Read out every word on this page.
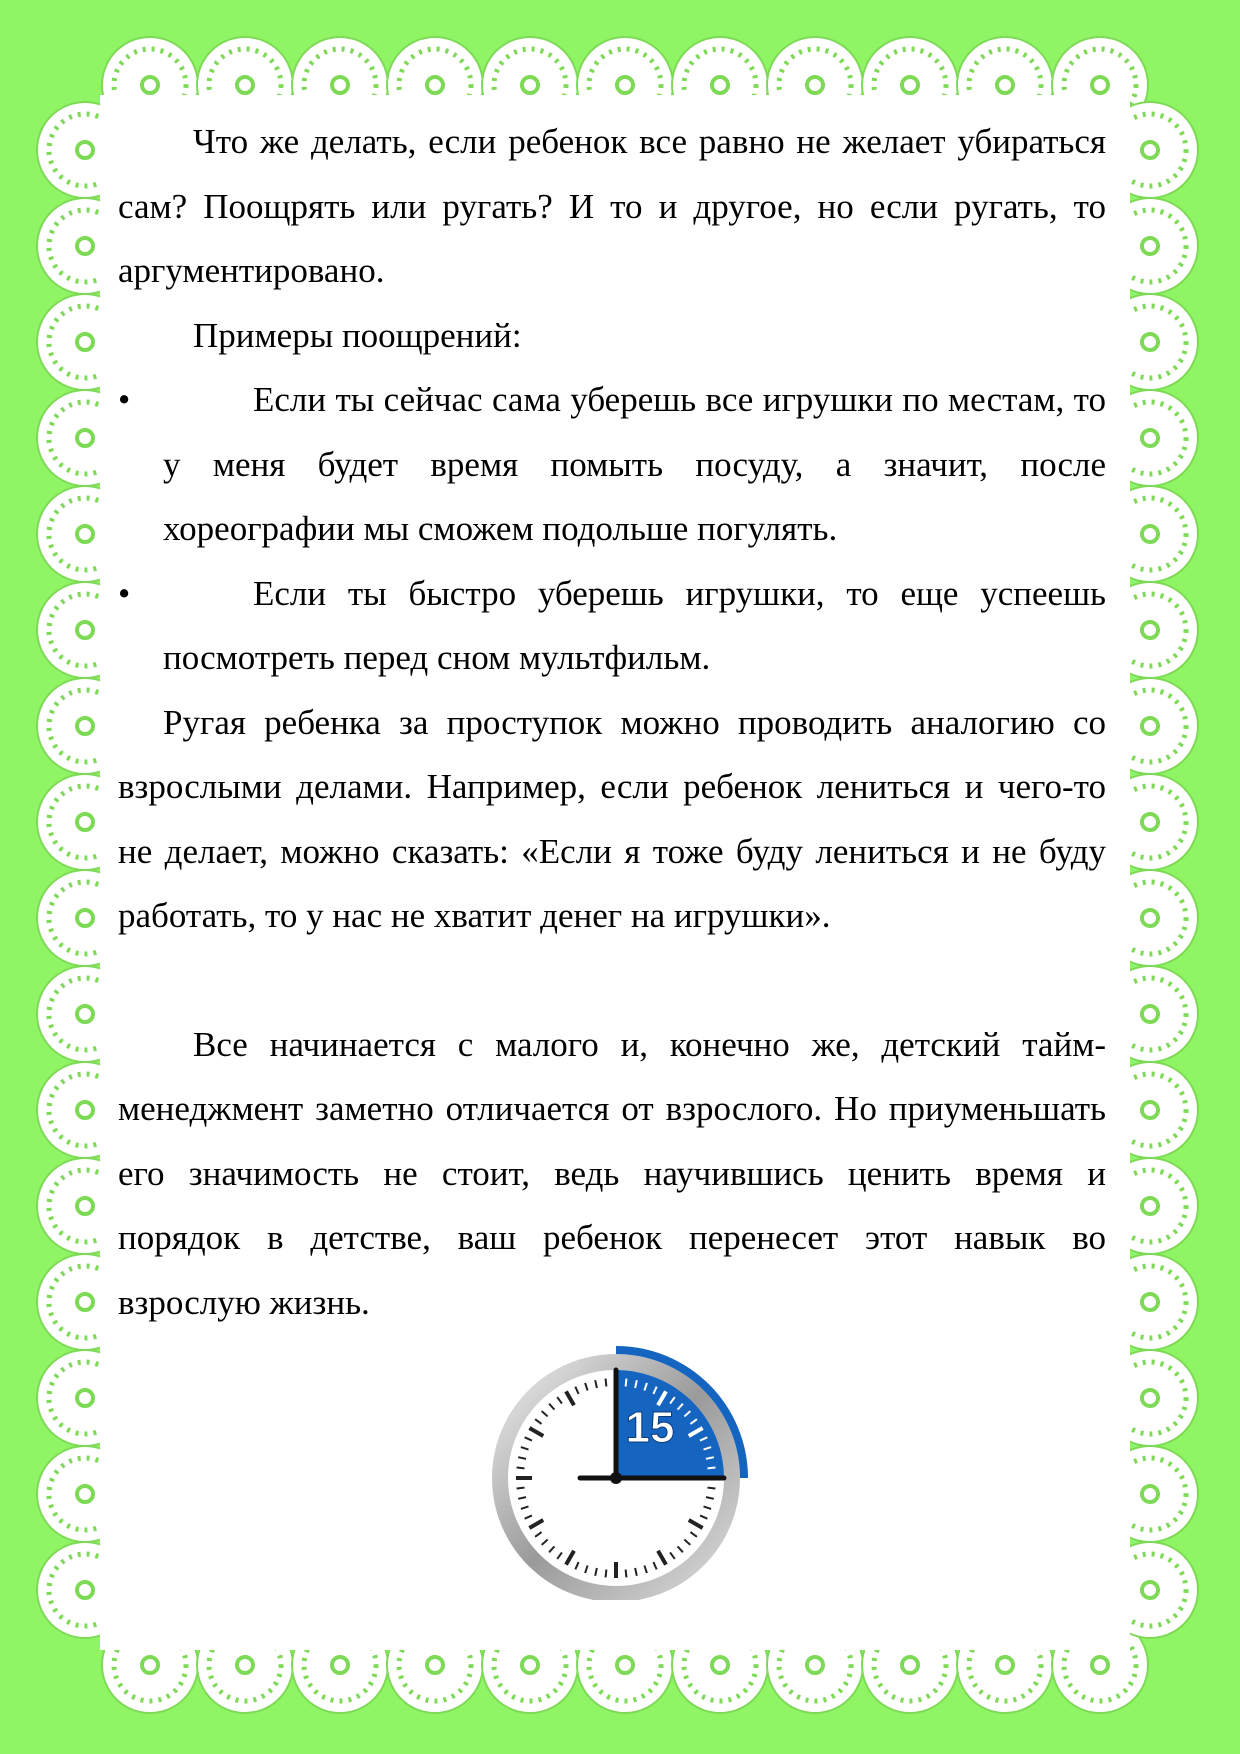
Что же делать, если ребенок все равно не желает убираться сам? Поощрять или ругать? И то и другое, но если ругать, то аргументировано.

Примеры поощрений:

•	Если ты сейчас сама уберешь все игрушки по местам, то у меня будет время помыть посуду, а значит, после хореографии мы сможем подольше погулять.
•	Если ты быстро уберешь игрушки, то еще успеешь посмотреть перед сном мультфильм.

Ругая ребенка за проступок можно проводить аналогию со взрослыми делами. Например, если ребенок лениться и чего-то не делает, можно сказать: «Если я тоже буду лениться и не буду работать, то у нас не хватит денег на игрушки».

Все начинается с малого и, конечно же, детский тайм-менеджмент заметно отличается от взрослого. Но приуменьшать его значимость не стоит, ведь научившись ценить время и порядок в детстве, ваш ребенок перенесет этот навык во взрослую жизнь.

15
